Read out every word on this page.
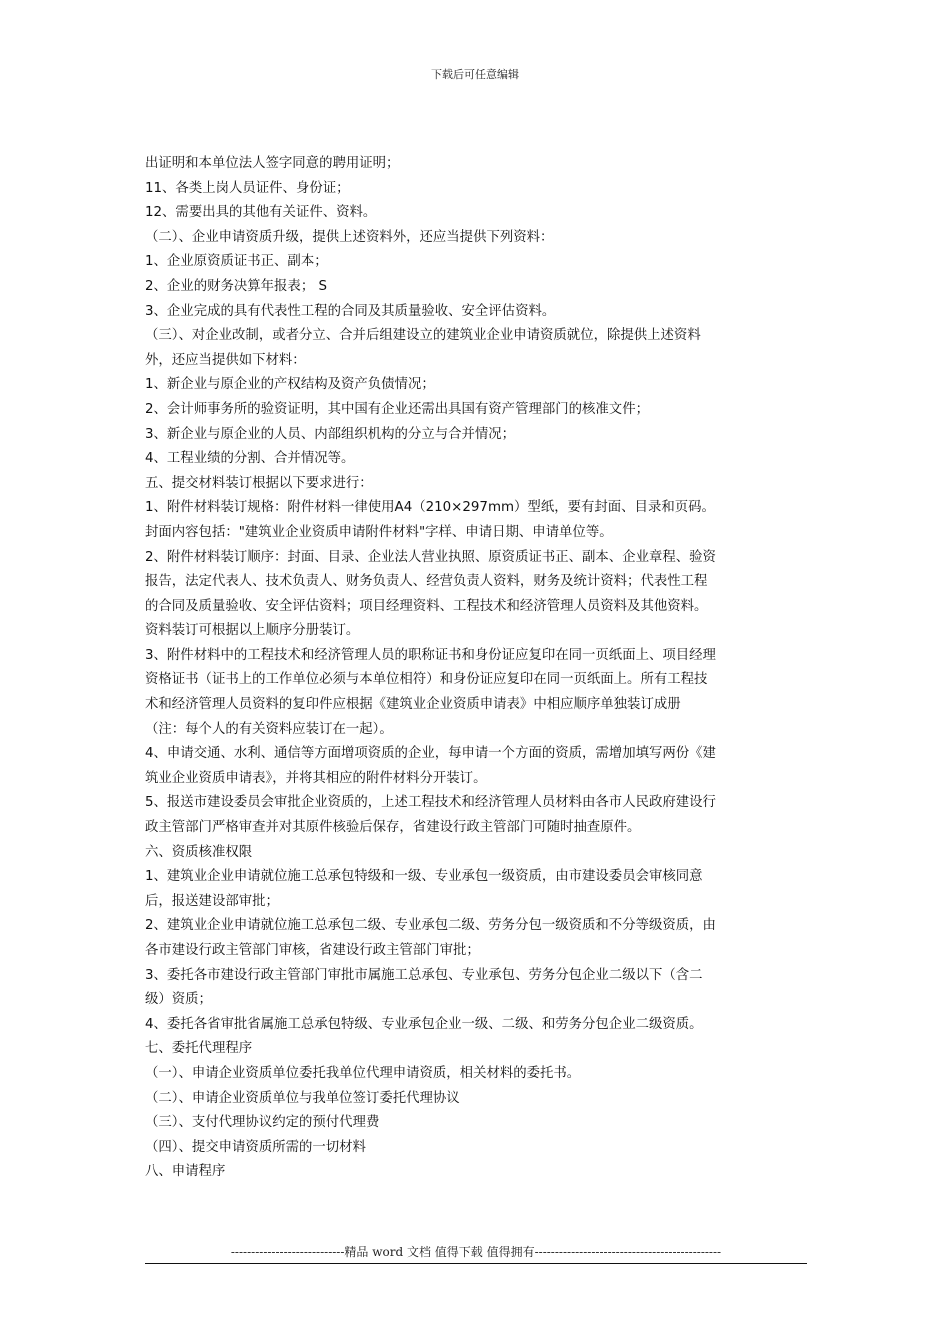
下载后可任意编辑
出证明和本单位法人签字同意的聘用证明；
11、各类上岗人员证件、身份证；
12、需要出具的其他有关证件、资料。
（二）、企业申请资质升级，提供上述资料外，还应当提供下列资料：
1、企业原资质证书正、副本；
2、企业的财务决算年报表； S
3、企业完成的具有代表性工程的合同及其质量验收、安全评估资料。
（三）、对企业改制，或者分立、合并后组建设立的建筑业企业申请资质就位，除提供上述资料
外，还应当提供如下材料：
1、新企业与原企业的产权结构及资产负债情况；
2、会计师事务所的验资证明，其中国有企业还需出具国有资产管理部门的核准文件；
3、新企业与原企业的人员、内部组织机构的分立与合并情况；
4、工程业绩的分割、合并情况等。
五、提交材料装订根据以下要求进行：
1、附件材料装订规格：附件材料一律使用A4（210×297mm）型纸，要有封面、目录和页码。
封面内容包括："建筑业企业资质申请附件材料"字样、申请日期、申请单位等。
2、附件材料装订顺序：封面、目录、企业法人营业执照、原资质证书正、副本、企业章程、验资
报告，法定代表人、技术负责人、财务负责人、经营负责人资料，财务及统计资料；代表性工程
的合同及质量验收、安全评估资料；项目经理资料、工程技术和经济管理人员资料及其他资料。
资料装订可根据以上顺序分册装订。
3、附件材料中的工程技术和经济管理人员的职称证书和身份证应复印在同一页纸面上、项目经理
资格证书（证书上的工作单位必须与本单位相符）和身份证应复印在同一页纸面上。所有工程技
术和经济管理人员资料的复印件应根据《建筑业企业资质申请表》中相应顺序单独装订成册
（注：每个人的有关资料应装订在一起）。
4、申请交通、水利、通信等方面增项资质的企业，每申请一个方面的资质，需增加填写两份《建
筑业企业资质申请表》，并将其相应的附件材料分开装订。
5、报送市建设委员会审批企业资质的，上述工程技术和经济管理人员材料由各市人民政府建设行
政主管部门严格审查并对其原件核验后保存，省建设行政主管部门可随时抽查原件。
六、资质核准权限
1、建筑业企业申请就位施工总承包特级和一级、专业承包一级资质，由市建设委员会审核同意
后，报送建设部审批；
2、建筑业企业申请就位施工总承包二级、专业承包二级、劳务分包一级资质和不分等级资质，由
各市建设行政主管部门审核，省建设行政主管部门审批；
3、委托各市建设行政主管部门审批市属施工总承包、专业承包、劳务分包企业二级以下（含二
级）资质；
4、委托各省审批省属施工总承包特级、专业承包企业一级、二级、和劳务分包企业二级资质。
七、委托代理程序
（一）、申请企业资质单位委托我单位代理申请资质，相关材料的委托书。
（二）、申请企业资质单位与我单位签订委托代理协议
（三）、支付代理协议约定的预付代理费
（四）、提交申请资质所需的一切材料
八、申请程序
----------------------------精品 word 文档 值得下载 值得拥有----------------------------------------------
